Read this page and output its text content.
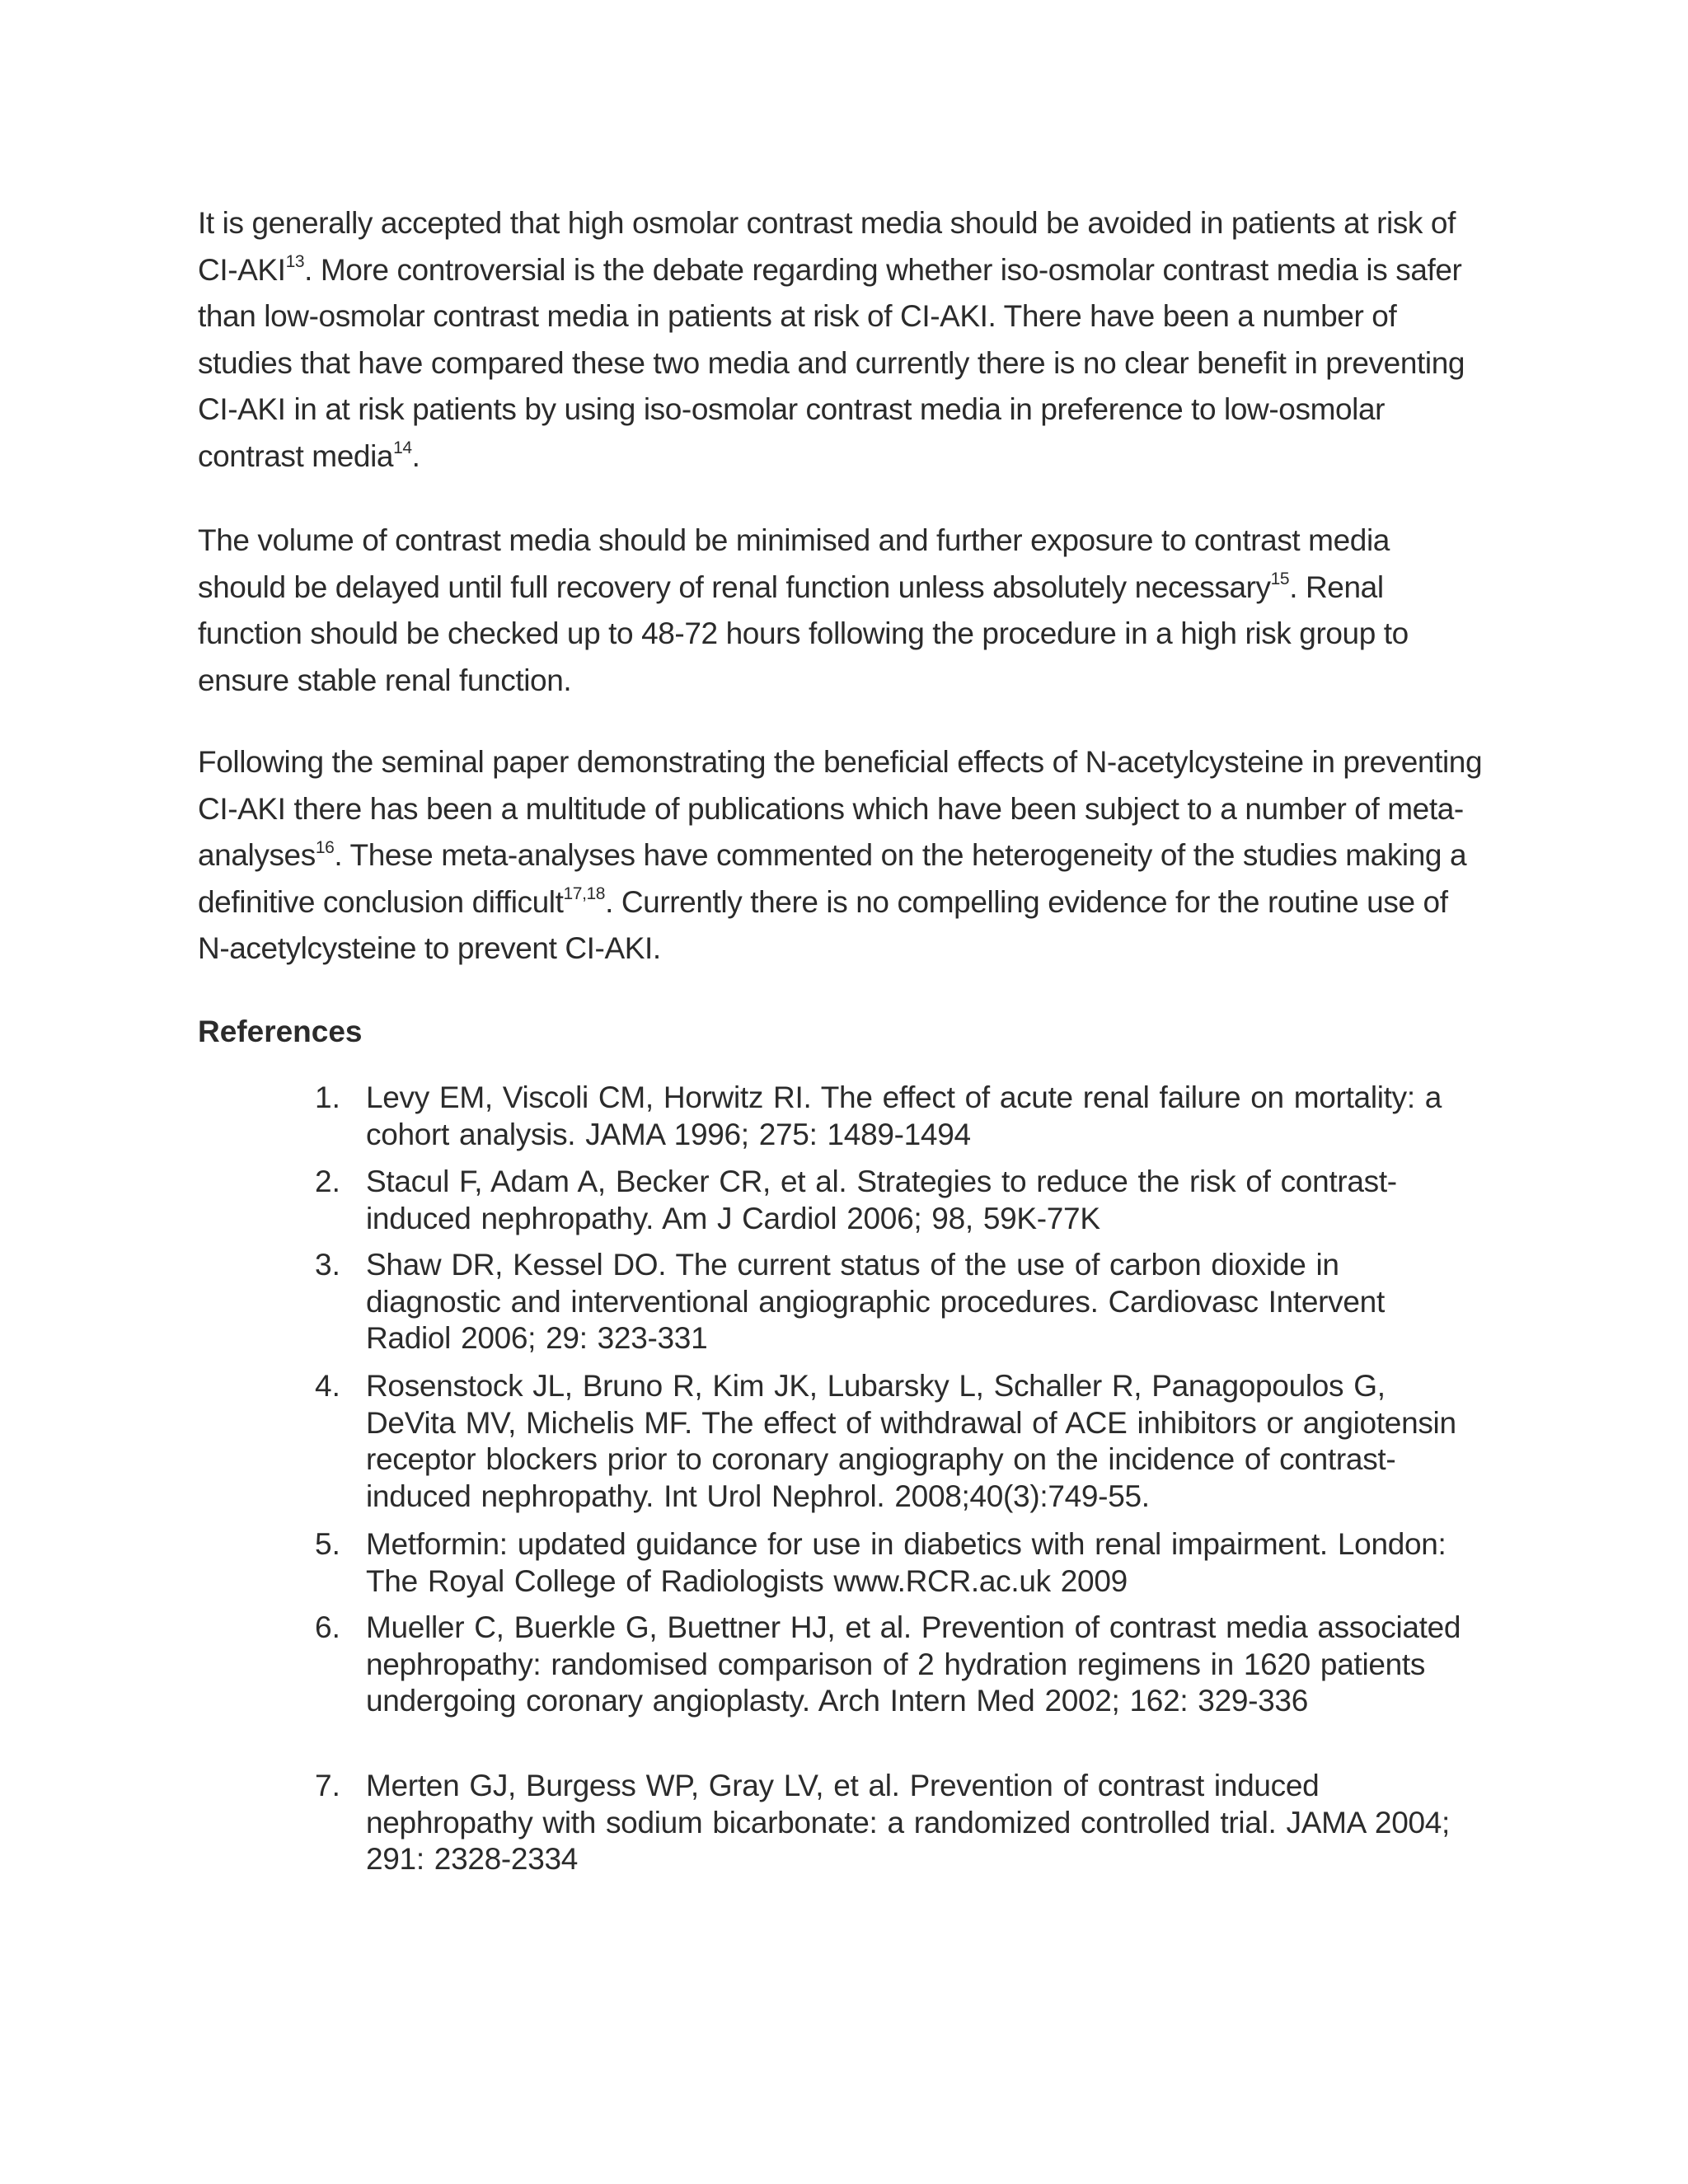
It is generally accepted that high osmolar contrast media should be avoided in patients at risk of CI-AKI$^{13}$. More controversial is the debate regarding whether iso-osmolar contrast media is safer than low-osmolar contrast media in patients at risk of CI-AKI. There have been a number of studies that have compared these two media and currently there is no clear benefit in preventing CI-AKI in at risk patients by using iso-osmolar contrast media in preference to low-osmolar contrast media$^{14}$.

The volume of contrast media should be minimised and further exposure to contrast media should be delayed until full recovery of renal function unless absolutely necessary$^{15}$. Renal function should be checked up to 48-72 hours following the procedure in a high risk group to ensure stable renal function.

Following the seminal paper demonstrating the beneficial effects of N-acetylcysteine in preventing CI-AKI there has been a multitude of publications which have been subject to a number of meta-analyses$^{16}$. These meta-analyses have commented on the heterogeneity of the studies making a definitive conclusion difficult$^{17,18}$. Currently there is no compelling evidence for the routine use of N-acetylcysteine to prevent CI-AKI.

References
1. Levy EM, Viscoli CM, Horwitz RI. The effect of acute renal failure on mortality: a cohort analysis. JAMA 1996; 275: 1489-1494
2. Stacul F, Adam A, Becker CR, et al. Strategies to reduce the risk of contrast-induced nephropathy. Am J Cardiol 2006; 98, 59K-77K
3. Shaw DR, Kessel DO. The current status of the use of carbon dioxide in diagnostic and interventional angiographic procedures. Cardiovasc Intervent Radiol 2006; 29: 323-331
4. Rosenstock JL, Bruno R, Kim JK, Lubarsky L, Schaller R, Panagopoulos G, DeVita MV, Michelis MF. The effect of withdrawal of ACE inhibitors or angiotensin receptor blockers prior to coronary angiography on the incidence of contrast-induced nephropathy. Int Urol Nephrol. 2008;40(3):749-55.
5. Metformin: updated guidance for use in diabetics with renal impairment. London: The Royal College of Radiologists www.RCR.ac.uk 2009
6. Mueller C, Buerkle G, Buettner HJ, et al. Prevention of contrast media associated nephropathy: randomised comparison of 2 hydration regimens in 1620 patients undergoing coronary angioplasty. Arch Intern Med 2002; 162: 329-336
7. Merten GJ, Burgess WP, Gray LV, et al. Prevention of contrast induced nephropathy with sodium bicarbonate: a randomized controlled trial. JAMA 2004; 291: 2328-2334
